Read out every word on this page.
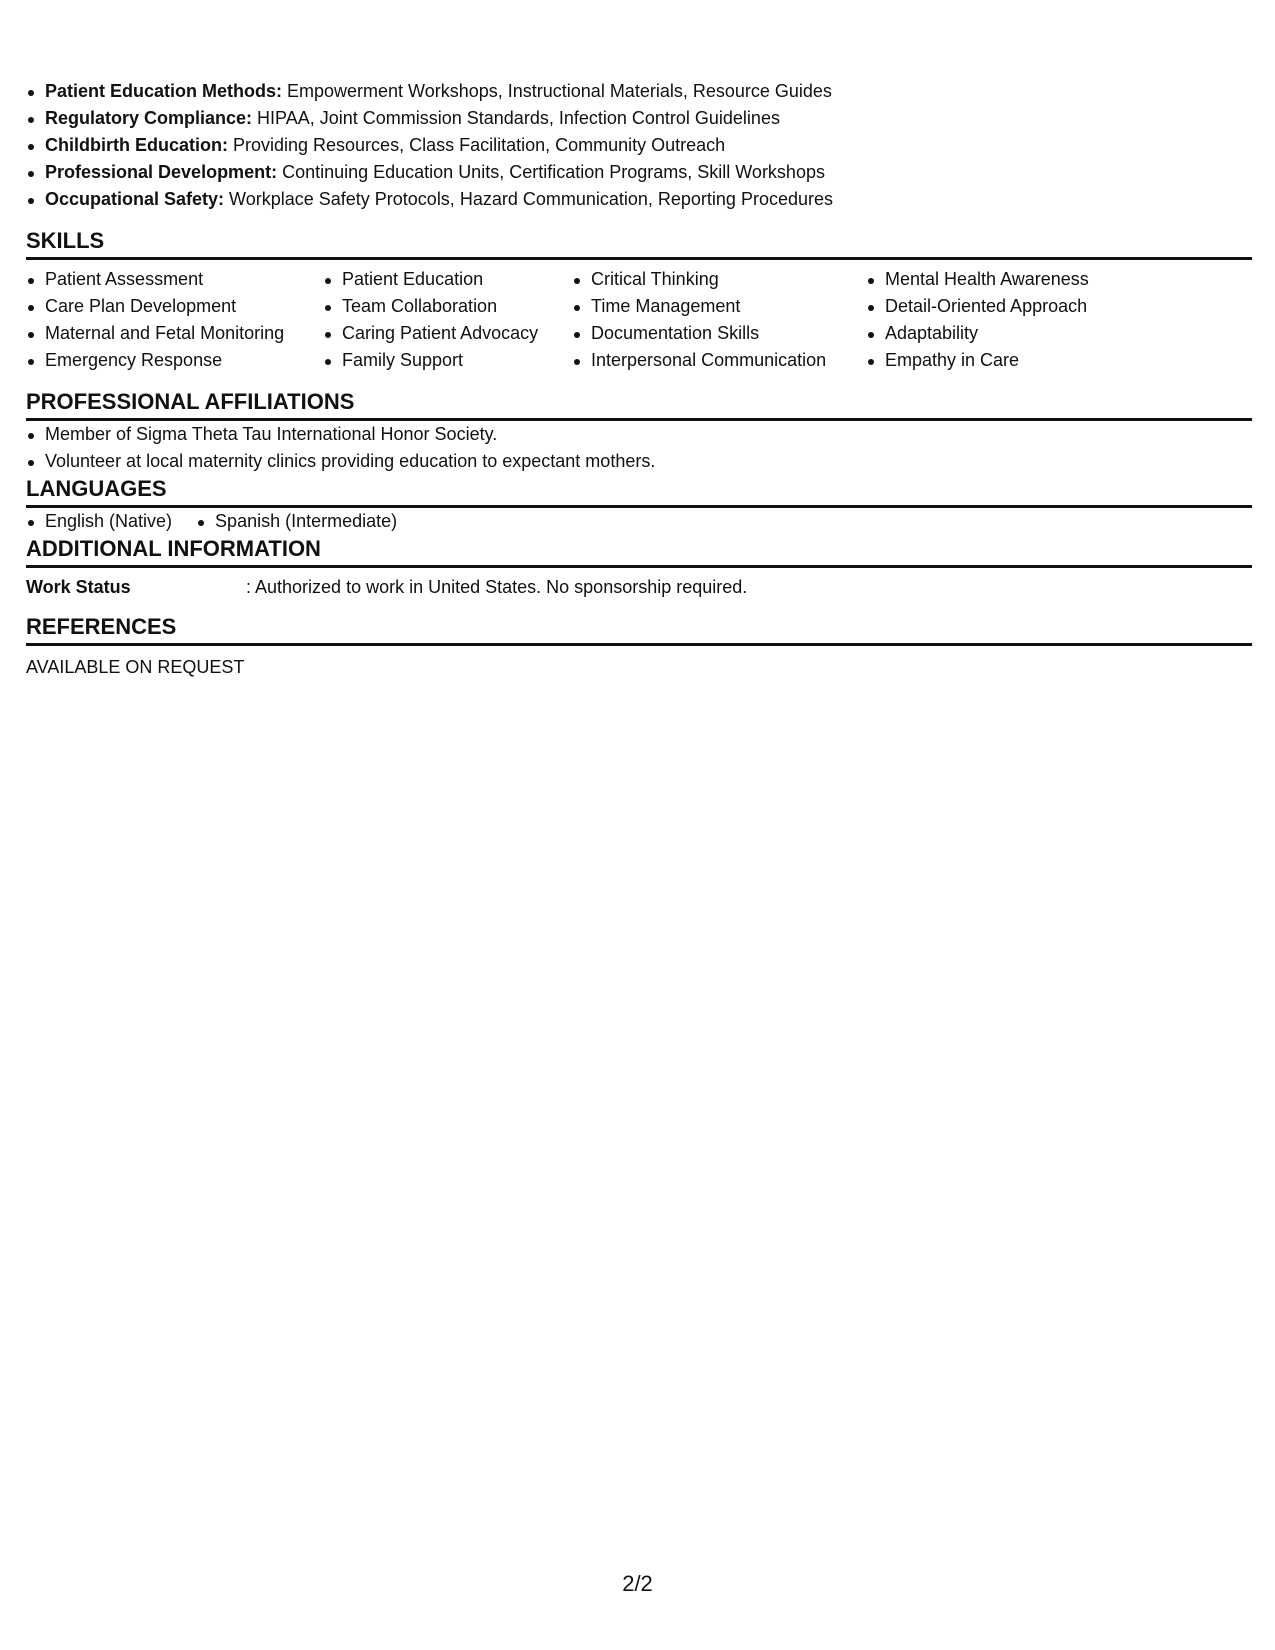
Patient Education Methods: Empowerment Workshops, Instructional Materials, Resource Guides
Regulatory Compliance: HIPAA, Joint Commission Standards, Infection Control Guidelines
Childbirth Education: Providing Resources, Class Facilitation, Community Outreach
Professional Development: Continuing Education Units, Certification Programs, Skill Workshops
Occupational Safety: Workplace Safety Protocols, Hazard Communication, Reporting Procedures
SKILLS
Patient Assessment
Care Plan Development
Maternal and Fetal Monitoring
Emergency Response
Patient Education
Team Collaboration
Caring Patient Advocacy
Family Support
Critical Thinking
Time Management
Documentation Skills
Interpersonal Communication
Mental Health Awareness
Detail-Oriented Approach
Adaptability
Empathy in Care
PROFESSIONAL AFFILIATIONS
Member of Sigma Theta Tau International Honor Society.
Volunteer at local maternity clinics providing education to expectant mothers.
LANGUAGES
English (Native)	Spanish (Intermediate)
ADDITIONAL INFORMATION
Work Status	: Authorized to work in United States. No sponsorship required.
REFERENCES
AVAILABLE ON REQUEST
2/2
